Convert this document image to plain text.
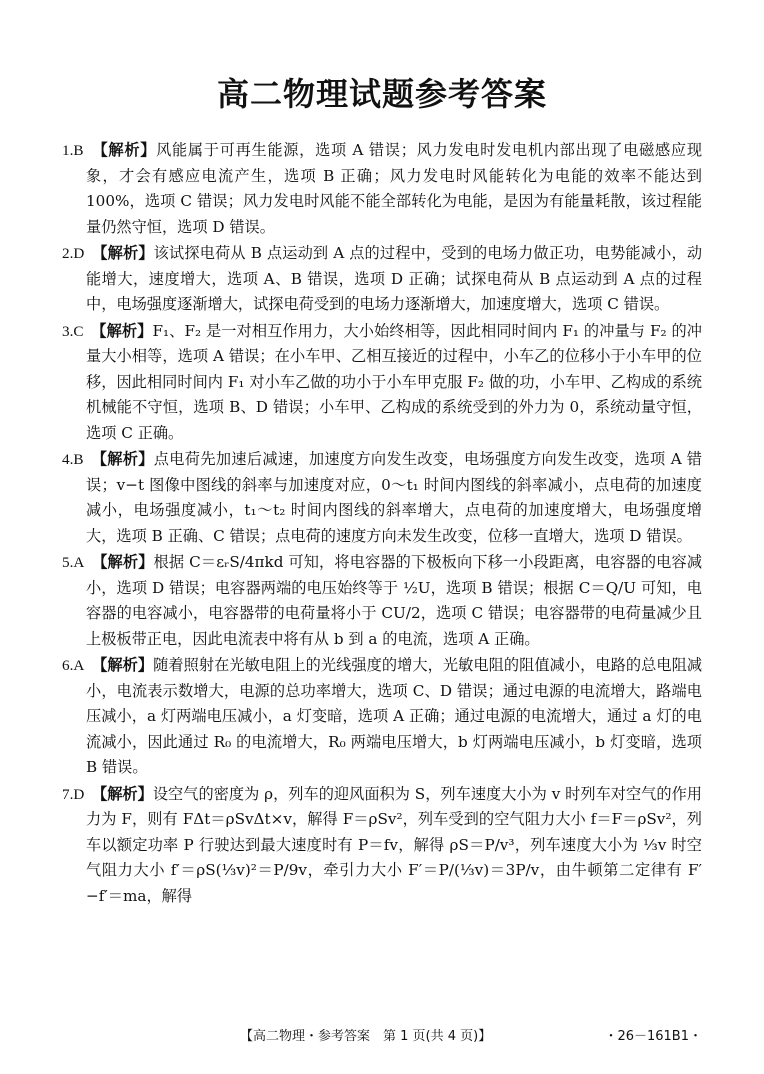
高二物理试题参考答案

1.B　 【解析】风能属于可再生能源，选项 A 错误；风力发电时发电机内部出现了电磁感应现象，才会有感应电流产生，选项 B 正确；风力发电时风能转化为电能的效率不能达到 100%，选项 C 错误；风力发电时风能不能全部转化为电能，是因为有能量耗散，该过程能量仍然守恒，选项 D 错误。

2.D　 【解析】该试探电荷从 B 点运动到 A 点的过程中，受到的电场力做正功，电势能减小，动能增大，速度增大，选项 A、B 错误，选项 D 正确；试探电荷从 B 点运动到 A 点的过程中，电场强度逐渐增大，试探电荷受到的电场力逐渐增大，加速度增大，选项 C 错误。

3.C　 【解析】F₁、F₂ 是一对相互作用力，大小始终相等，因此相同时间内 F₁ 的冲量与 F₂ 的冲量大小相等，选项 A 错误；在小车甲、乙相互接近的过程中，小车乙的位移小于小车甲的位移，因此相同时间内 F₁ 对小车乙做的功小于小车甲克服 F₂ 做的功，小车甲、乙构成的系统机械能不守恒，选项 B、D 错误；小车甲、乙构成的系统受到的外力为 0，系统动量守恒，选项 C 正确。

4.B　 【解析】点电荷先加速后减速，加速度方向发生改变，电场强度方向发生改变，选项 A 错误；v−t 图像中图线的斜率与加速度对应，0～t₁ 时间内图线的斜率减小，点电荷的加速度减小，电场强度减小，t₁～t₂ 时间内图线的斜率增大，点电荷的加速度增大，电场强度增大，选项 B 正确、C 错误；点电荷的速度方向未发生改变，位移一直增大，选项 D 错误。

5.A　 【解析】根据 C＝εᵣS/4πkd 可知，将电容器的下极板向下移一小段距离，电容器的电容减小，选项 D 错误；电容器两端的电压始终等于 ½U，选项 B 错误；根据 C＝Q/U 可知，电容器的电容减小，电容器带的电荷量将小于 CU/2，选项 C 错误；电容器带的电荷量减少且上极板带正电，因此电流表中将有从 b 到 a 的电流，选项 A 正确。

6.A　 【解析】随着照射在光敏电阻上的光线强度的增大，光敏电阻的阻值减小，电路的总电阻减小，电流表示数增大，电源的总功率增大，选项 C、D 错误；通过电源的电流增大，路端电压减小，a 灯两端电压减小，a 灯变暗，选项 A 正确；通过电源的电流增大，通过 a 灯的电流减小，因此通过 R₀ 的电流增大，R₀ 两端电压增大，b 灯两端电压减小，b 灯变暗，选项 B 错误。

7.D　 【解析】设空气的密度为 ρ，列车的迎风面积为 S，列车速度大小为 v 时列车对空气的作用力为 F，则有 FΔt＝ρSvΔt×v，解得 F＝ρSv²，列车受到的空气阻力大小 f＝F＝ρSv²，列车以额定功率 P 行驶达到最大速度时有 P＝fv，解得 ρS＝P/v³，列车速度大小为 ⅓v 时空气阻力大小 f′＝ρS(⅓v)²＝P/9v，牵引力大小 F′＝P/(⅓v)＝3P/v，由牛顿第二定律有 F′−f′＝ma，解得

【高二物理・参考答案　第 1 页(共 4 页)】	・26－161B1・
